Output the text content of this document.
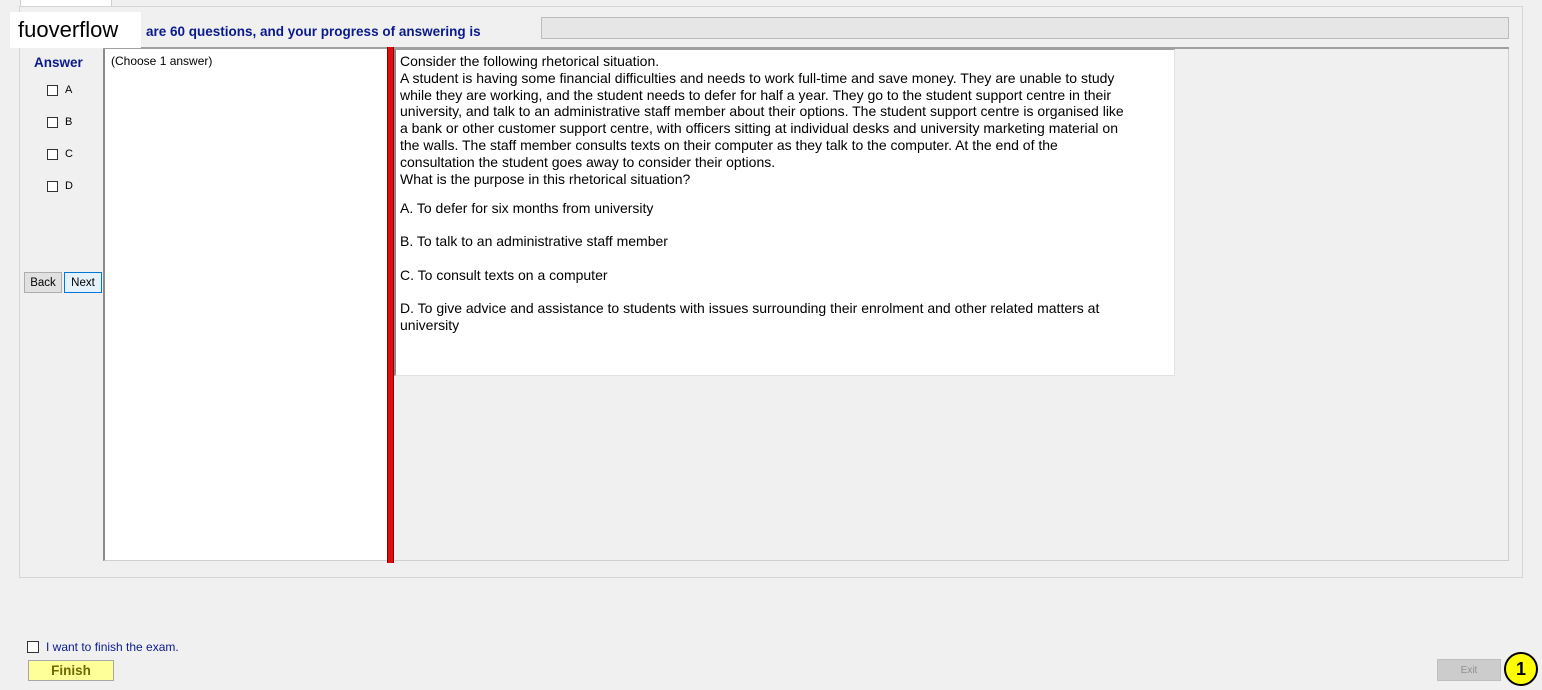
fuoverflow	are 60 questions, and your progress of answering is
Answer
A
B
C
D
Back	Next
(Choose 1 answer)	Consider the following rhetorical situation.

A student is having some financial difficulties and needs to work full-time and save money. They are unable to study while they are working, and the student needs to defer for half a year. They go to the student support centre in their university, and talk to an administrative staff member about their options. The student support centre is organised like a bank or other customer support centre, with officers sitting at individual desks and university marketing material on the walls. The staff member consults texts on their computer as they talk to the computer. At the end of the consultation the student goes away to consider their options.

What is the purpose in this rhetorical situation?

A. To defer for six months from university

B. To talk to an administrative staff member

C. To consult texts on a computer

D. To give advice and assistance to students with issues surrounding their enrolment and other related matters at university

I want to finish the exam.
Finish	Exit	1
